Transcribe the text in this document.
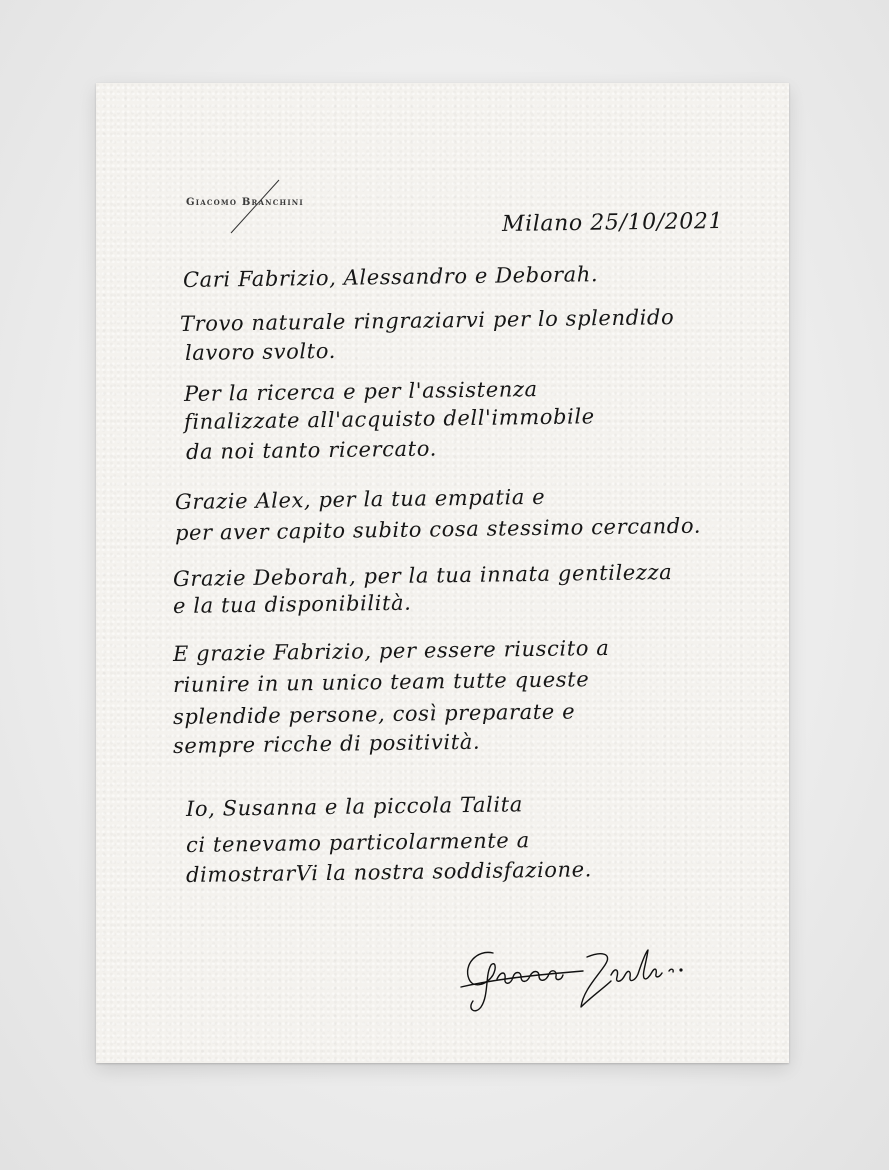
Giacomo Branchini
Milano 25/10/2021
Cari Fabrizio, Alessandro e Deborah.
Trovo naturale ringraziarvi per lo splendido
lavoro svolto.
Per la ricerca e per l'assistenza
finalizzate all'acquisto dell'immobile
da noi tanto ricercato.
Grazie Alex, per la tua empatia e
per aver capito subito cosa stessimo cercando.
Grazie Deborah, per la tua innata gentilezza
e la tua disponibilità.
E grazie Fabrizio, per essere riuscito a
riunire in un unico team tutte queste
splendide persone, così preparate e
sempre ricche di positività.
Io, Susanna e la piccola Talita
ci tenevamo particolarmente a
dimostrarVi la nostra soddisfazione.
